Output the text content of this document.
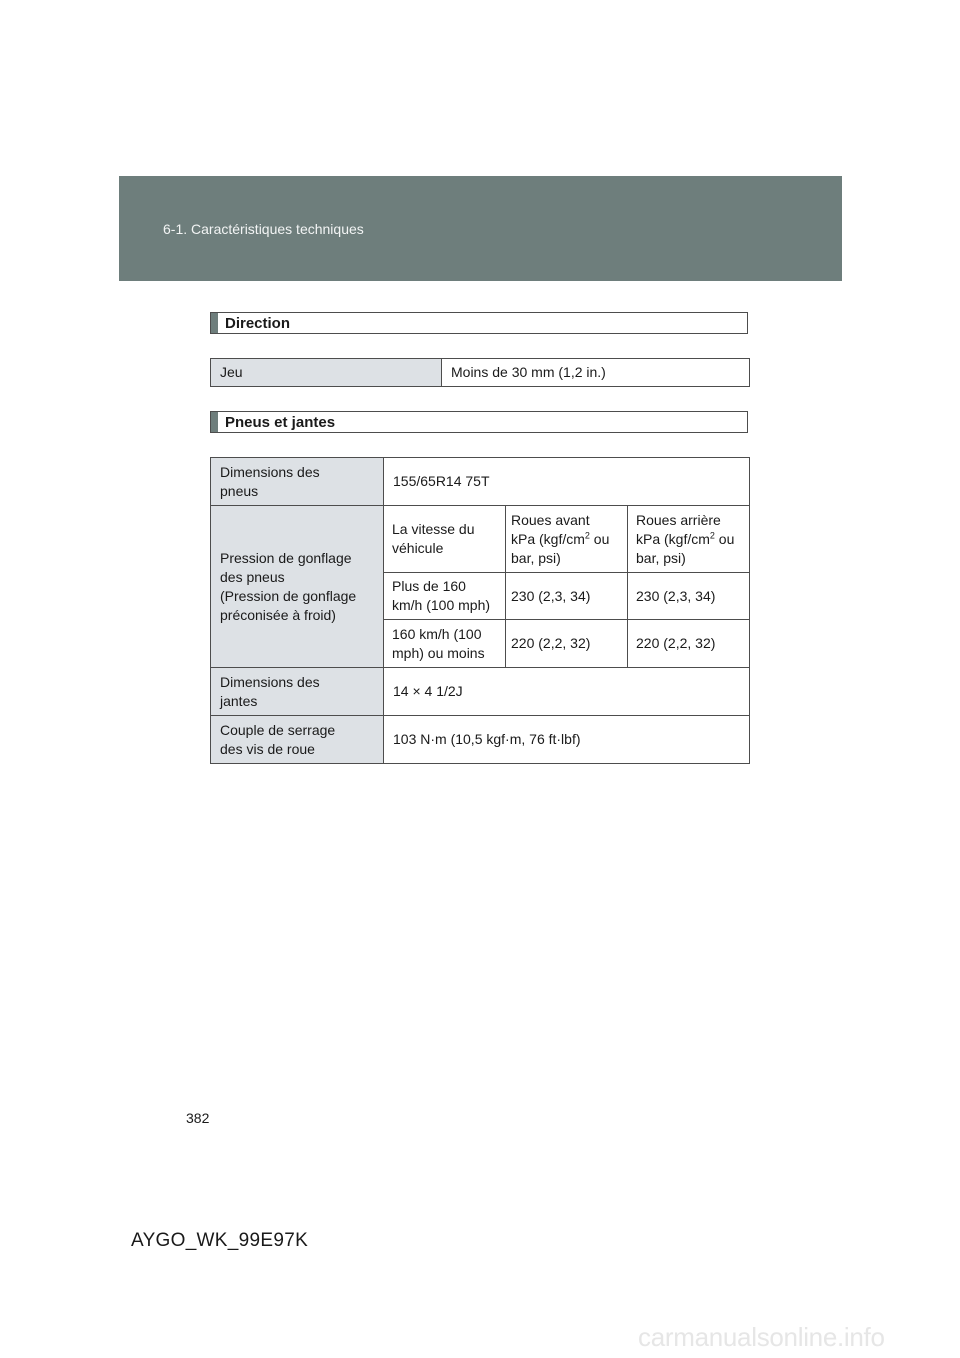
6-1. Caractéristiques techniques
Direction
Jeu	Moins de 30 mm (1,2 in.)
Pneus et jantes
Dimensions des
pneus	155/65R14 75T		
Pression de gonflage
des pneus
(Pression de gonflage
préconisée à froid)	La vitesse du
véhicule	Roues avant
kPa ($kgf/cm^2$ ou
bar, psi)	Roues arrière
kPa ($kgf/cm^2$ ou
bar, psi)
	Plus de 160
km/h (100 mph)	230 (2,3, 34)	230 (2,3, 34)
	160 km/h (100
mph) ou moins	220 (2,2, 32)	220 (2,2, 32)
Dimensions des
jantes	14 × 4 1/2J		
Couple de serrage
des vis de roue	103 N·m (10,5 kgf·m, 76 ft·lbf)		
382
AYGO_WK_99E97K
carmanualsonline.info
